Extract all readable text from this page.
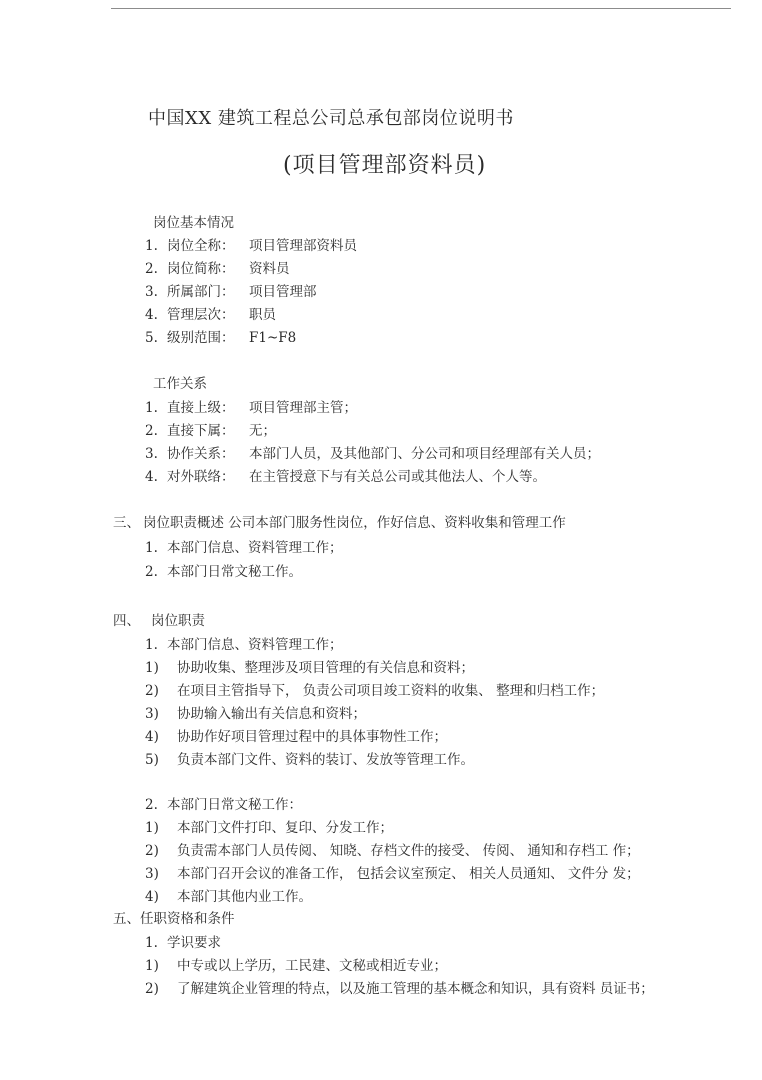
中国XX 建筑工程总公司总承包部岗位说明书
(项目管理部资料员)
岗位基本情况
1. 岗位全称： 项目管理部资料员
2. 岗位简称： 资料员
3. 所属部门： 项目管理部
4. 管理层次： 职员
5. 级别范围： F1~F8
工作关系
1. 直接上级： 项目管理部主管；
2. 直接下属： 无；
3. 协作关系： 本部门人员，及其他部门、分公司和项目经理部有关人员；
4. 对外联络： 在主管授意下与有关总公司或其他法人、个人等。
三、 岗位职责概述 公司本部门服务性岗位，作好信息、资料收集和管理工作
1. 本部门信息、资料管理工作；
2. 本部门日常文秘工作。
四、 岗位职责
1. 本部门信息、资料管理工作；
1) 协助收集、整理涉及项目管理的有关信息和资料；
2) 在项目主管指导下， 负责公司项目竣工资料的收集、 整理和归档工作；
3) 协助输入输出有关信息和资料；
4) 协助作好项目管理过程中的具体事物性工作；
5) 负责本部门文件、资料的装订、发放等管理工作。
2. 本部门日常文秘工作：
1) 本部门文件打印、复印、分发工作；
2) 负责需本部门人员传阅、 知晓、存档文件的接受、 传阅、 通知和存档工 作；
3) 本部门召开会议的准备工作， 包括会议室预定、 相关人员通知、 文件分 发；
4) 本部门其他内业工作。
五、任职资格和条件
1. 学识要求
1) 中专或以上学历，工民建、文秘或相近专业；
2) 了解建筑企业管理的特点，以及施工管理的基本概念和知识，具有资料 员证书；
